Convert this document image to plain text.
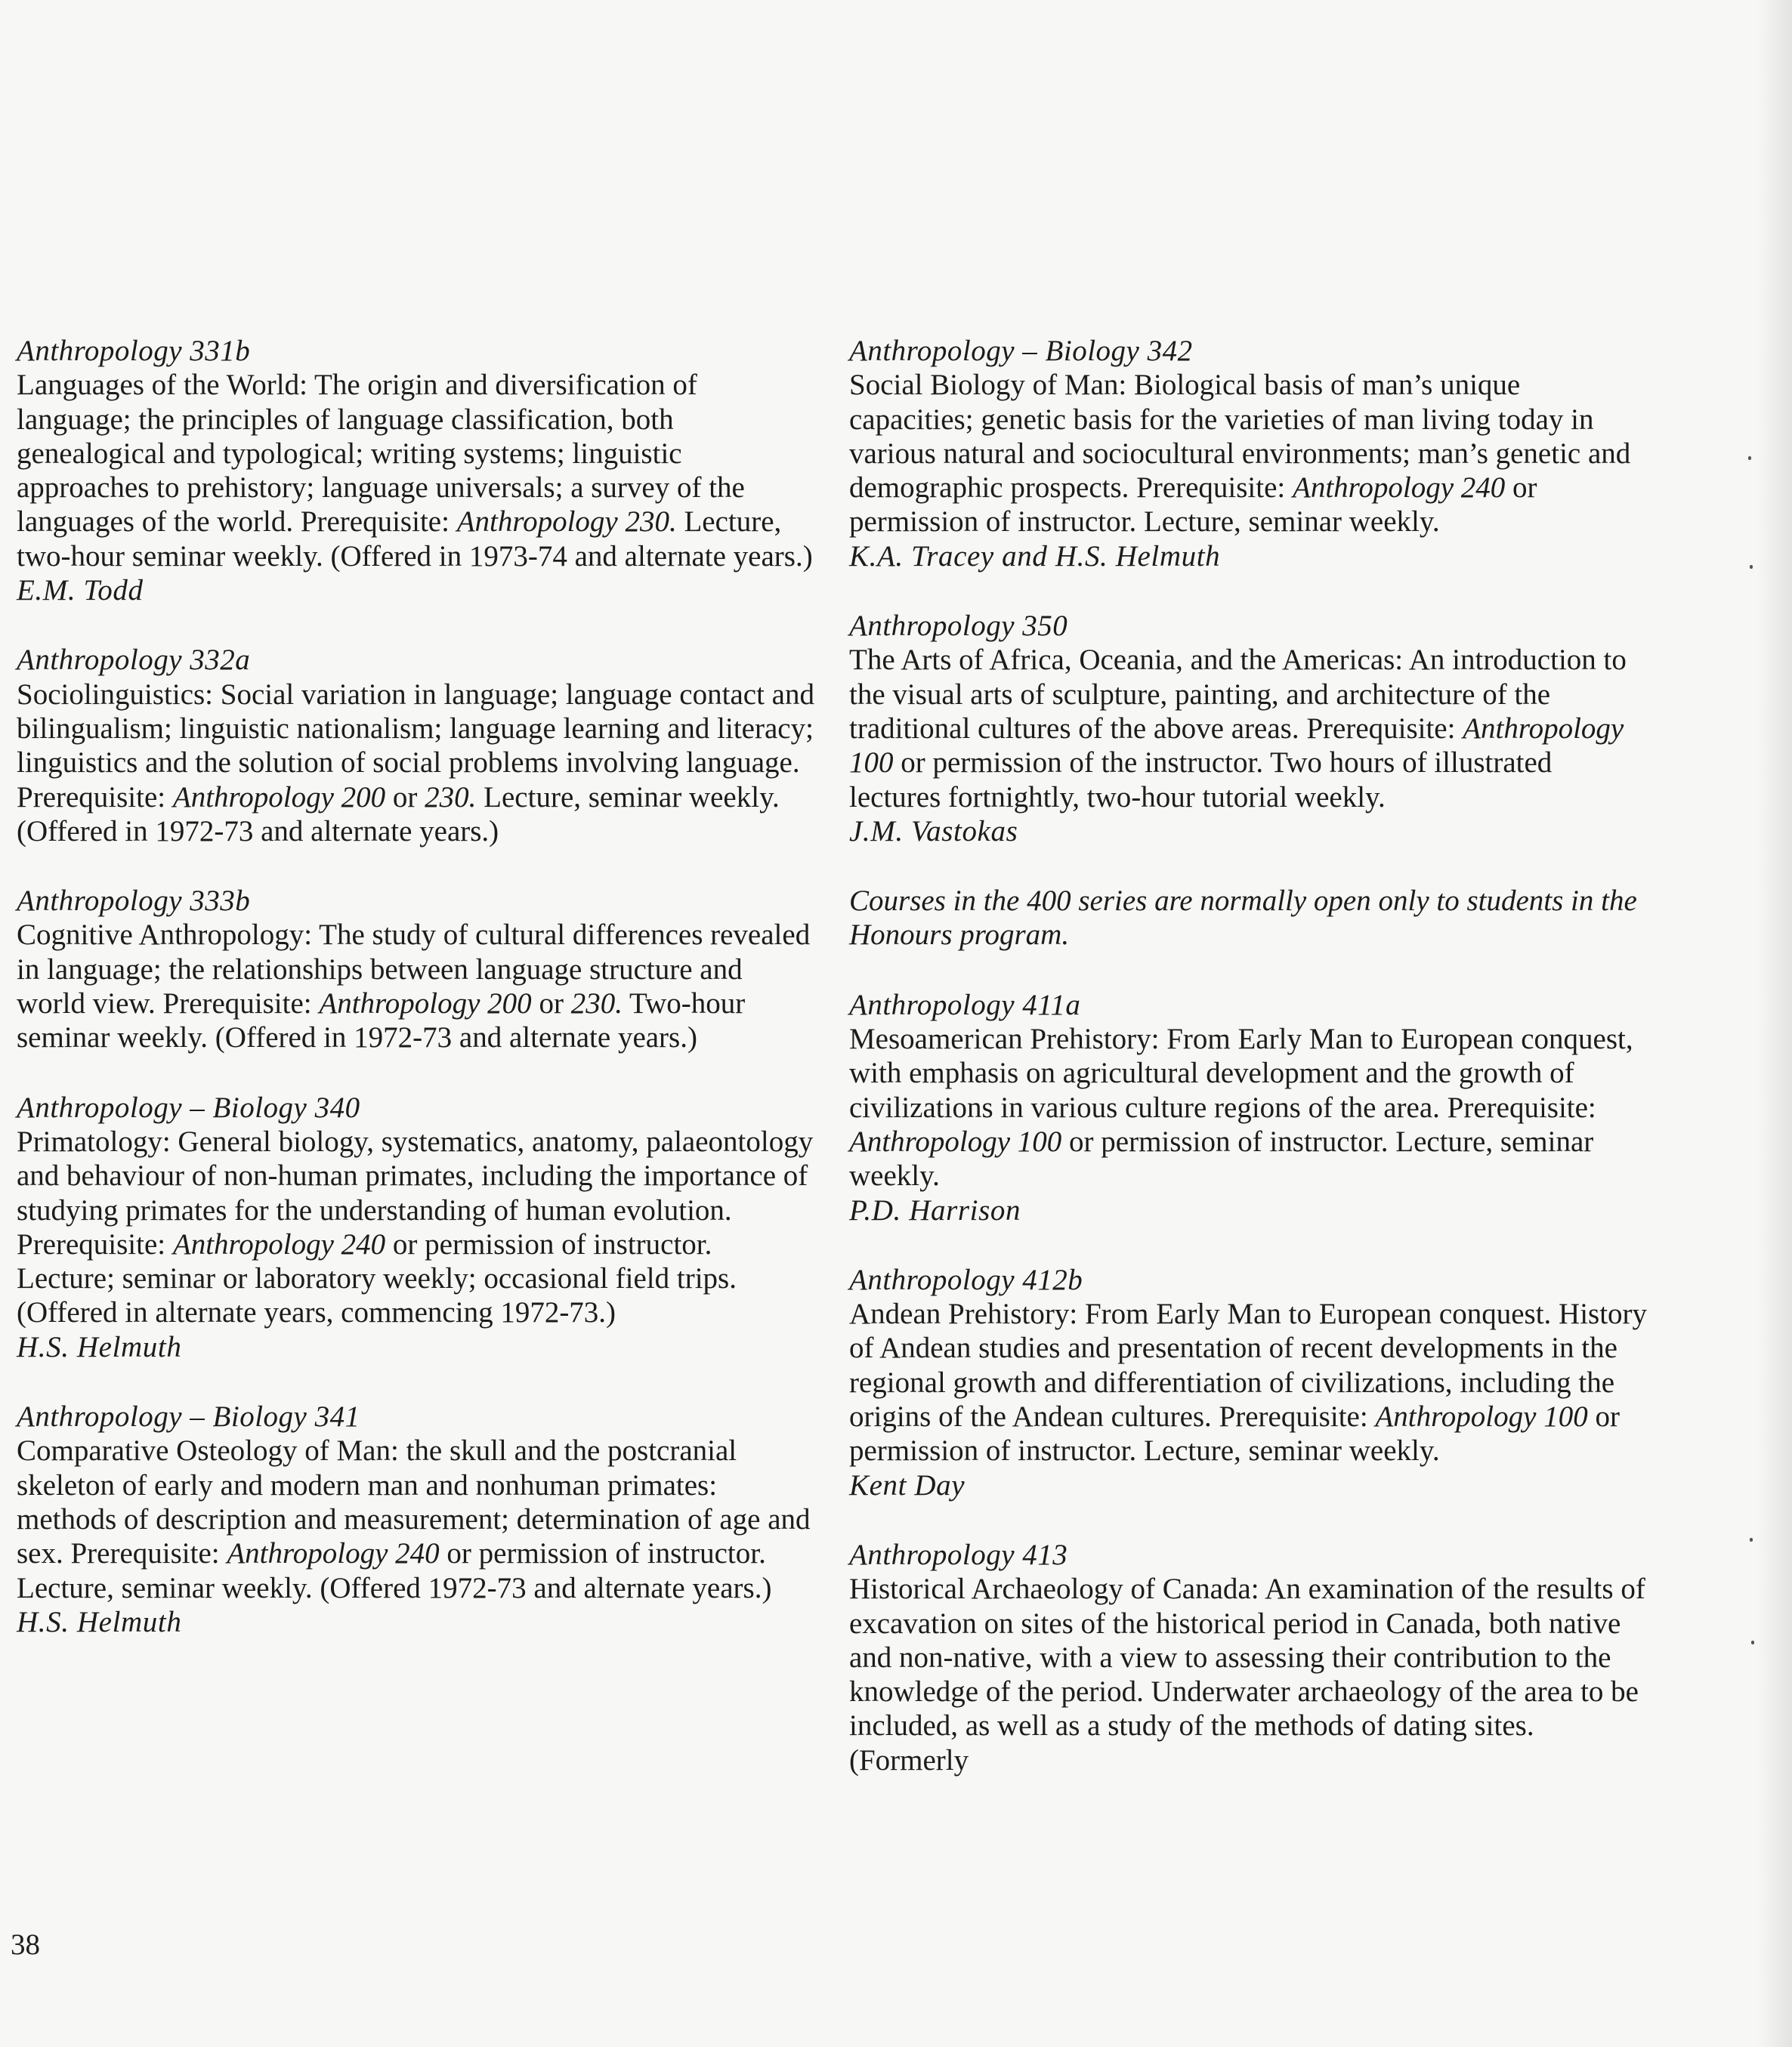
Anthropology 331b

Languages of the World: The origin and diversification of language; the principles of language classification, both genealogical and typological; writing systems; linguistic approaches to prehistory; language universals; a survey of the languages of the world. Prerequisite: Anthropology 230. Lecture, two-hour seminar weekly. (Offered in 1973-74 and alternate years.)

E.M. Todd

Anthropology 332a

Sociolinguistics: Social variation in language; language contact and bilingualism; linguistic nationalism; language learning and literacy; linguistics and the solution of social problems involving language. Prerequisite: Anthropology 200 or 230. Lecture, seminar weekly. (Offered in 1972-73 and alternate years.)

Anthropology 333b

Cognitive Anthropology: The study of cultural differences revealed in language; the relationships between language structure and world view. Prerequisite: Anthropology 200 or 230. Two-hour seminar weekly. (Offered in 1972-73 and alternate years.)

Anthropology – Biology 340

Primatology: General biology, systematics, anatomy, palaeontology and behaviour of non-human primates, including the importance of studying primates for the understanding of human evolution. Prerequisite: Anthropology 240 or permission of instructor. Lecture; seminar or laboratory weekly; occasional field trips. (Offered in alternate years, commencing 1972-73.)

H.S. Helmuth

Anthropology – Biology 341

Comparative Osteology of Man: the skull and the postcranial skeleton of early and modern man and nonhuman primates: methods of description and measurement; determination of age and sex. Prerequisite: Anthropology 240 or permission of instructor. Lecture, seminar weekly. (Offered 1972-73 and alternate years.)

H.S. Helmuth

Anthropology – Biology 342

Social Biology of Man: Biological basis of man’s unique capacities; genetic basis for the varieties of man living today in various natural and sociocultural environments; man’s genetic and demographic prospects. Prerequisite: Anthropology 240 or permission of instructor. Lecture, seminar weekly.

K.A. Tracey and H.S. Helmuth

Anthropology 350

The Arts of Africa, Oceania, and the Americas: An introduction to the visual arts of sculpture, painting, and architecture of the traditional cultures of the above areas. Prerequisite: Anthropology 100 or permission of the instructor. Two hours of illustrated lectures fortnightly, two-hour tutorial weekly.

J.M. Vastokas

Courses in the 400 series are normally open only to students in the Honours program.

Anthropology 411a

Mesoamerican Prehistory: From Early Man to European conquest, with emphasis on agricultural development and the growth of civilizations in various culture regions of the area. Prerequisite: Anthropology 100 or permission of instructor. Lecture, seminar weekly.

P.D. Harrison

Anthropology 412b

Andean Prehistory: From Early Man to European conquest. History of Andean studies and presentation of recent developments in the regional growth and differentiation of civilizations, including the origins of the Andean cultures. Prerequisite: Anthropology 100 or permission of instructor. Lecture, seminar weekly.

Kent Day

Anthropology 413

Historical Archaeology of Canada: An examination of the results of excavation on sites of the historical period in Canada, both native and non-native, with a view to assessing their contribution to the knowledge of the period. Underwater archaeology of the area to be included, as well as a study of the methods of dating sites. (Formerly

38
